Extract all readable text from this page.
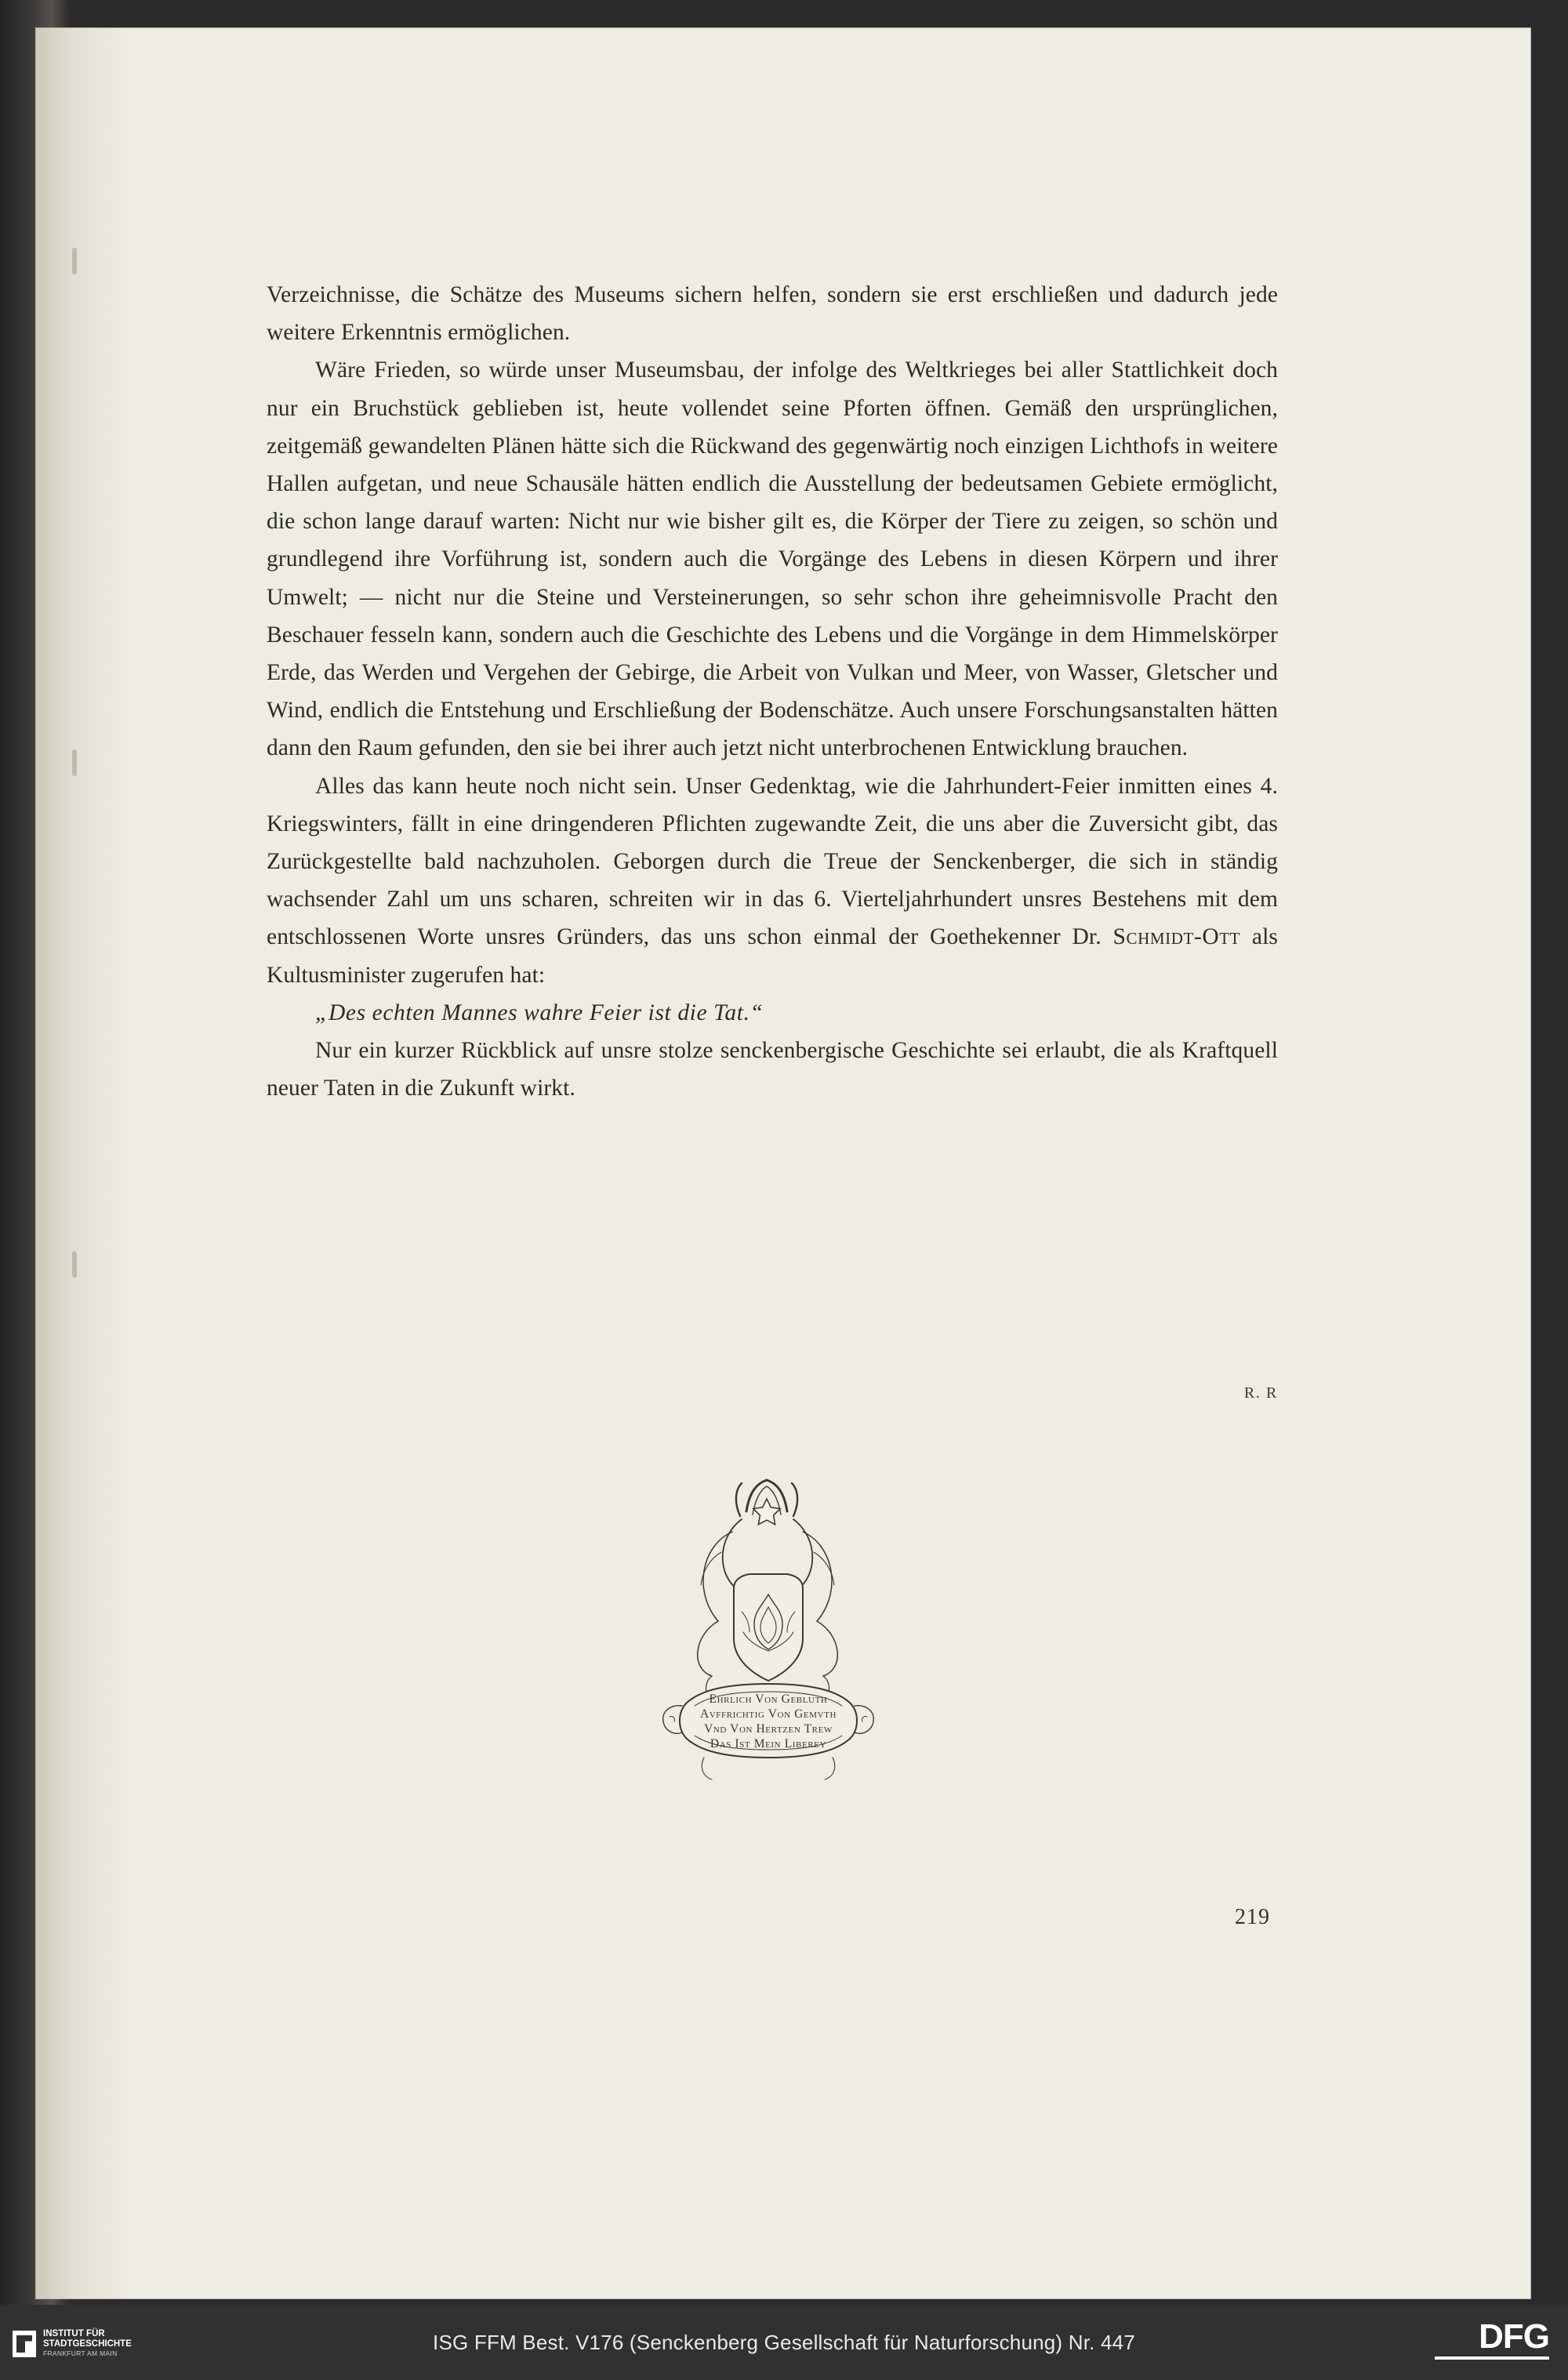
Verzeichnisse, die Schätze des Museums sichern helfen, sondern sie erst erschließen und dadurch jede weitere Erkenntnis ermöglichen.

Wäre Frieden, so würde unser Museumsbau, der infolge des Weltkrieges bei aller Stattlichkeit doch nur ein Bruchstück geblieben ist, heute vollendet seine Pforten öffnen. Gemäß den ursprünglichen, zeitgemäß gewandelten Plänen hätte sich die Rückwand des gegenwärtig noch einzigen Lichthofs in weitere Hallen aufgetan, und neue Schausäle hätten endlich die Ausstellung der bedeutsamen Gebiete ermöglicht, die schon lange darauf warten: Nicht nur wie bisher gilt es, die Körper der Tiere zu zeigen, so schön und grundlegend ihre Vorführung ist, sondern auch die Vorgänge des Lebens in diesen Körpern und ihrer Umwelt; — nicht nur die Steine und Versteinerungen, so sehr schon ihre geheimnisvolle Pracht den Beschauer fesseln kann, sondern auch die Geschichte des Lebens und die Vorgänge in dem Himmelskörper Erde, das Werden und Vergehen der Gebirge, die Arbeit von Vulkan und Meer, von Wasser, Gletscher und Wind, endlich die Entstehung und Erschließung der Bodenschätze. Auch unsere Forschungsanstalten hätten dann den Raum gefunden, den sie bei ihrer auch jetzt nicht unterbrochenen Entwicklung brauchen.

Alles das kann heute noch nicht sein. Unser Gedenktag, wie die Jahrhundert-Feier inmitten eines 4. Kriegswinters, fällt in eine dringenderen Pflichten zugewandte Zeit, die uns aber die Zuversicht gibt, das Zurückgestellte bald nachzuholen. Geborgen durch die Treue der Senckenberger, die sich in ständig wachsender Zahl um uns scharen, schreiten wir in das 6. Vierteljahrhundert unsres Bestehens mit dem entschlossenen Worte unsres Gründers, das uns schon einmal der Goethekenner Dr. Schmidt-Ott als Kultusminister zugerufen hat:

„Des echten Mannes wahre Feier ist die Tat.“

Nur ein kurzer Rückblick auf unsre stolze senckenbergische Geschichte sei erlaubt, die als Kraftquell neuer Taten in die Zukunft wirkt.

R. R
Ehrlich Von Gebluth
Avffrichtig Von Gemvth
Vnd Von Hertzen Trew
Das Ist Mein Liberey
219
ISG FFM Best. V176 (Senckenberg Gesellschaft für Naturforschung) Nr. 447
INSTITUT FÜR
STADTGESCHICHTE
FRANKFURT AM MAIN	DFG
